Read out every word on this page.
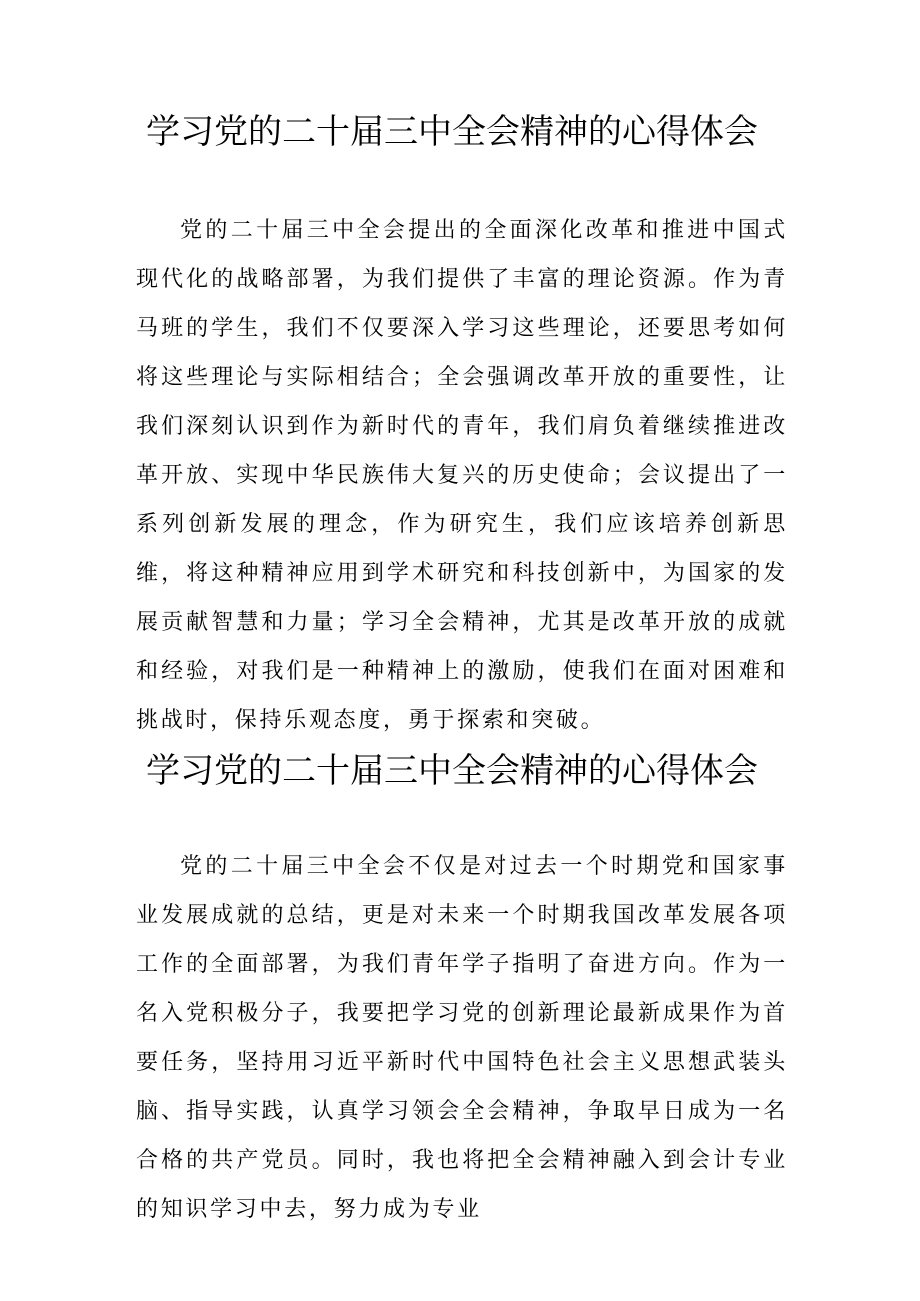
学习党的二十届三中全会精神的心得体会

党的二十届三中全会提出的全面深化改革和推进中国式现代化的战略部署，为我们提供了丰富的理论资源。作为青马班的学生，我们不仅要深入学习这些理论，还要思考如何将这些理论与实际相结合；全会强调改革开放的重要性，让我们深刻认识到作为新时代的青年，我们肩负着继续推进改革开放、实现中华民族伟大复兴的历史使命；会议提出了一系列创新发展的理念，作为研究生，我们应该培养创新思维，将这种精神应用到学术研究和科技创新中，为国家的发展贡献智慧和力量；学习全会精神，尤其是改革开放的成就和经验，对我们是一种精神上的激励，使我们在面对困难和挑战时，保持乐观态度，勇于探索和突破。

学习党的二十届三中全会精神的心得体会

党的二十届三中全会不仅是对过去一个时期党和国家事业发展成就的总结，更是对未来一个时期我国改革发展各项工作的全面部署，为我们青年学子指明了奋进方向。作为一名入党积极分子，我要把学习党的创新理论最新成果作为首要任务，坚持用习近平新时代中国特色社会主义思想武装头脑、指导实践，认真学习领会全会精神，争取早日成为一名合格的共产党员。同时，我也将把全会精神融入到会计专业的知识学习中去，努力成为专业
